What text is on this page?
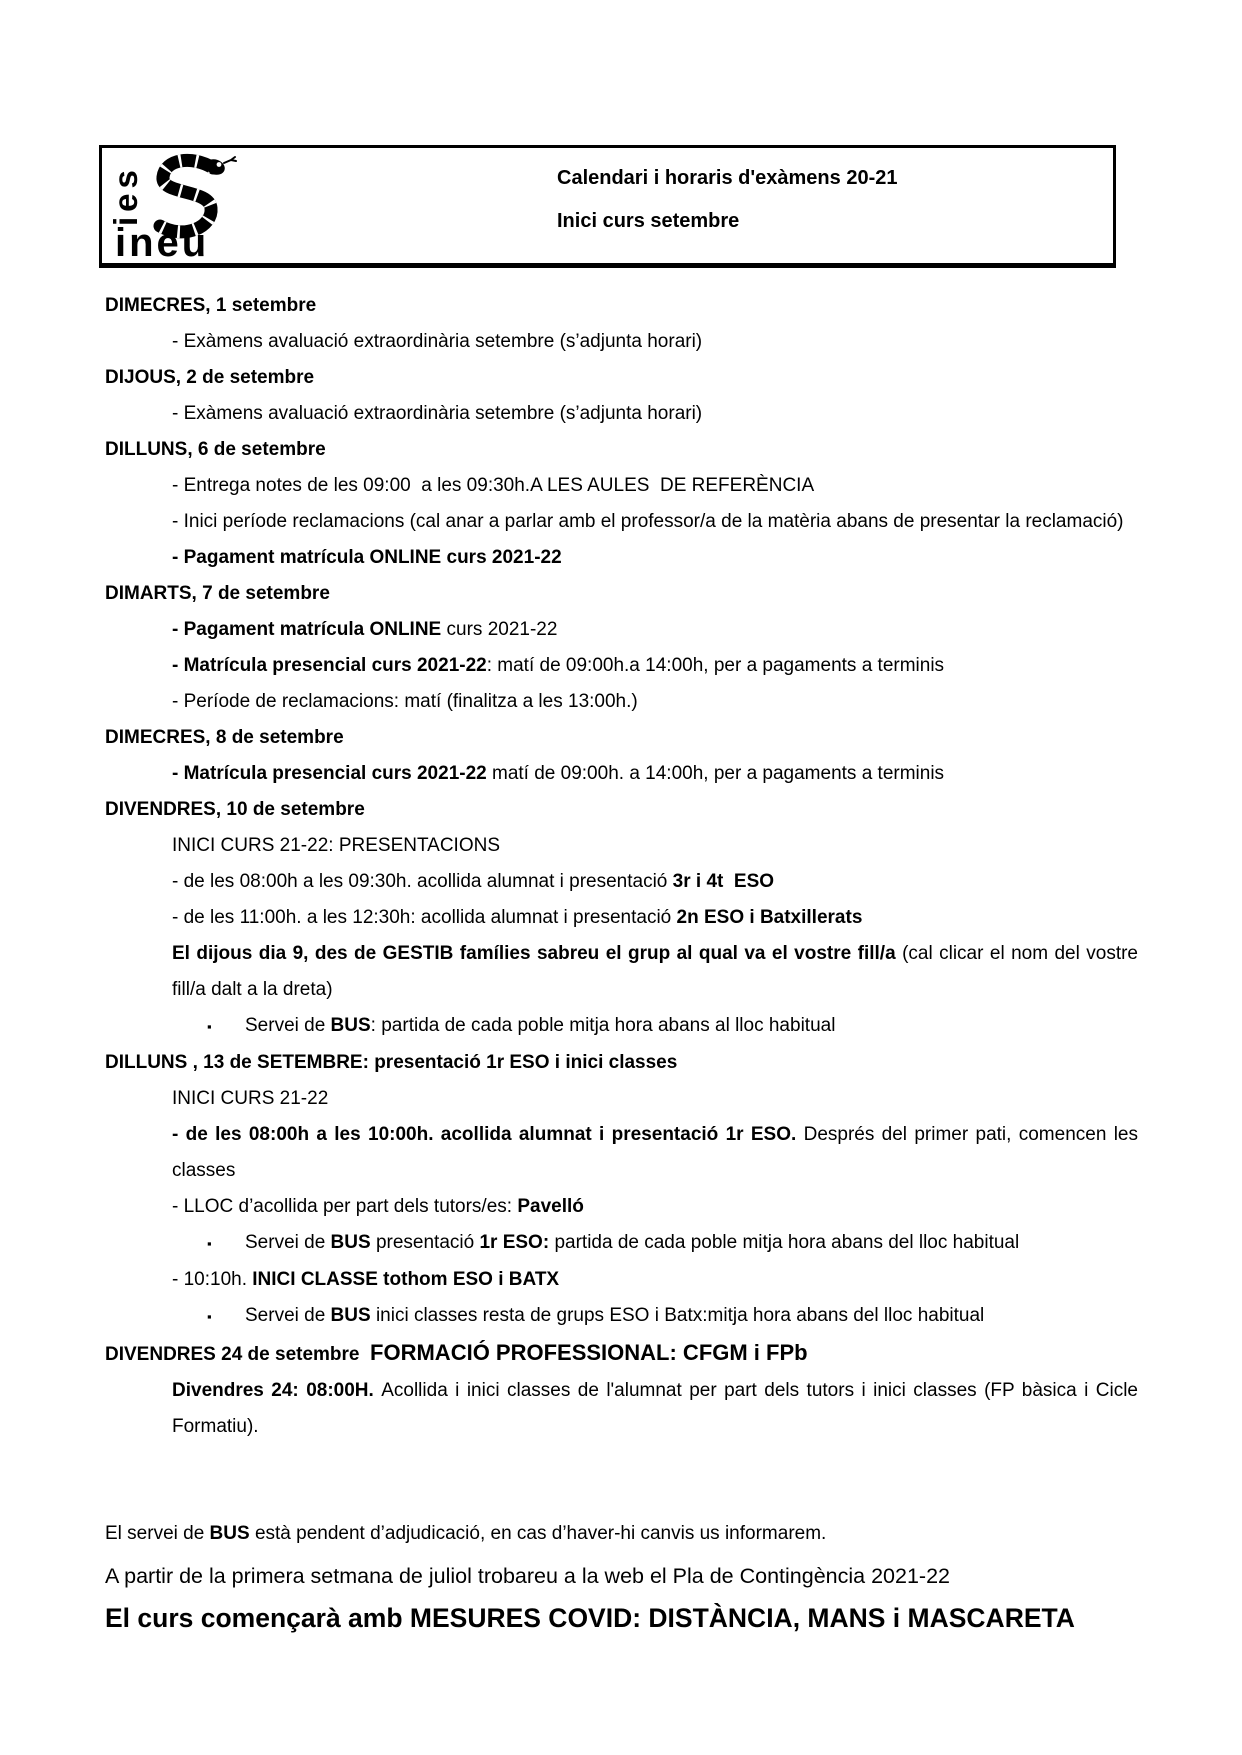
ies
ineu
Calendari i horaris d'exàmens 20-21
Inici curs setembre
DIMECRES, 1 setembre
- Exàmens avaluació extraordinària setembre (s’adjunta horari)
DIJOUS, 2 de setembre
- Exàmens avaluació extraordinària setembre (s’adjunta horari)
DILLUNS, 6 de setembre
- Entrega notes de les 09:00  a les 09:30h.A LES AULES  DE REFERÈNCIA
- Inici període reclamacions (cal anar a parlar amb el professor/a de la matèria abans de presentar la reclamació)
- Pagament matrícula ONLINE curs 2021-22
DIMARTS, 7 de setembre
- Pagament matrícula ONLINE curs 2021-22
- Matrícula presencial curs 2021-22: matí de 09:00h.a 14:00h, per a pagaments a terminis
- Període de reclamacions: matí (finalitza a les 13:00h.)
DIMECRES, 8 de setembre
- Matrícula presencial curs 2021-22 matí de 09:00h. a 14:00h, per a pagaments a terminis
DIVENDRES, 10 de setembre
INICI CURS 21-22: PRESENTACIONS
- de les 08:00h a les 09:30h. acollida alumnat i presentació 3r i 4t  ESO
- de les 11:00h. a les 12:30h: acollida alumnat i presentació 2n ESO i Batxillerats
El dijous dia 9, des de GESTIB famílies sabreu el grup al qual va el vostre fill/a (cal clicar el nom del vostre fill/a dalt a la dreta)
▪ Servei de BUS: partida de cada poble mitja hora abans al lloc habitual
DILLUNS , 13 de SETEMBRE: presentació 1r ESO i inici classes
INICI CURS 21-22
- de les 08:00h a les 10:00h. acollida alumnat i presentació 1r ESO. Després del primer pati, comencen les classes
- LLOC d’acollida per part dels tutors/es: Pavelló
▪ Servei de BUS presentació 1r ESO: partida de cada poble mitja hora abans del lloc habitual
- 10:10h. INICI CLASSE tothom ESO i BATX
▪ Servei de BUS inici classes resta de grups ESO i Batx:mitja hora abans del lloc habitual
DIVENDRES 24 de setembre  FORMACIÓ PROFESSIONAL: CFGM i FPb
Divendres 24: 08:00H. Acollida i inici classes de l'alumnat per part dels tutors i inici classes (FP bàsica i Cicle Formatiu).
El servei de BUS està pendent d’adjudicació, en cas d’haver-hi canvis us informarem.
A partir de la primera setmana de juliol trobareu a la web el Pla de Contingència 2021-22
El curs començarà amb MESURES COVID: DISTÀNCIA, MANS i MASCARETA
